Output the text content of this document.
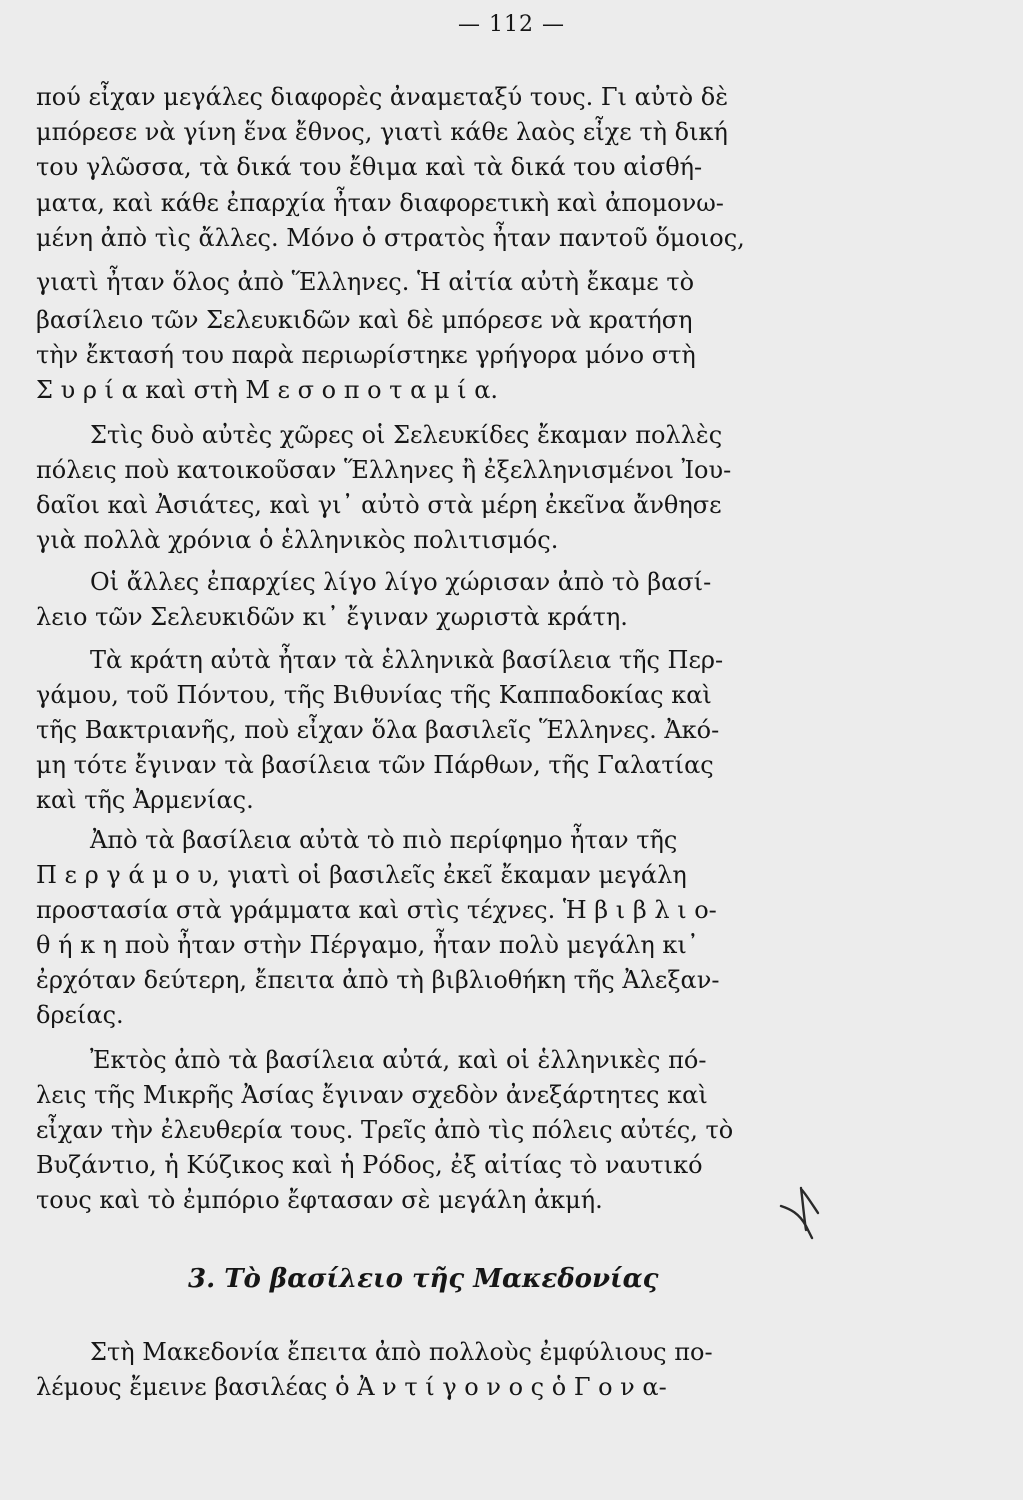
— 112 —
πού εἶχαν μεγάλες διαφορὲς ἀναμεταξύ τους. Γι αὐτὸ δὲ
μπόρεσε νὰ γίνη ἕνα ἔθνος, γιατὶ κάθε λαὸς εἶχε τὴ δική
του γλῶσσα, τὰ δικά του ἔθιμα καὶ τὰ δικά του αἰσθή-
ματα, καὶ κάθε ἐπαρχία ἦταν διαφορετικὴ καὶ ἀπομονω-
μένη ἀπὸ τὶς ἄλλες. Μόνο ὁ στρατὸς ἦταν παντοῦ ὅμοιος,
γιατὶ ἦταν ὅλος ἀπὸ Ἕλληνες. Ἡ αἰτία αὐτὴ ἔκαμε τὸ
βασίλειο τῶν Σελευκιδῶν καὶ δὲ μπόρεσε νὰ κρατήση
τὴν ἔκτασή του παρὰ περιωρίστηκε γρήγορα μόνο στὴ
Σ υ ρ ί α καὶ στὴ Μ ε σ ο π ο τ α μ ί α.
Στὶς δυὸ αὐτὲς χῶρες οἱ Σελευκίδες ἔκαμαν πολλὲς
πόλεις ποὺ κατοικοῦσαν Ἕλληνες ἢ ἐξελληνισμένοι Ἰου-
δαῖοι καὶ Ἀσιάτες, καὶ γι᾿ αὐτὸ στὰ μέρη ἐκεῖνα ἄνθησε
γιὰ πολλὰ χρόνια ὁ ἑλληνικὸς πολιτισμός.
Οἱ ἄλλες ἐπαρχίες λίγο λίγο χώρισαν ἀπὸ τὸ βασί-
λειο τῶν Σελευκιδῶν κι᾿ ἔγιναν χωριστὰ κράτη.
Τὰ κράτη αὐτὰ ἦταν τὰ ἑλληνικὰ βασίλεια τῆς Περ-
γάμου, τοῦ Πόντου, τῆς Βιθυνίας τῆς Καππαδοκίας καὶ
τῆς Βακτριανῆς, ποὺ εἶχαν ὅλα βασιλεῖς Ἕλληνες. Ἀκό-
μη τότε ἔγιναν τὰ βασίλεια τῶν Πάρθων, τῆς Γαλατίας
καὶ τῆς Ἀρμενίας.
Ἀπὸ τὰ βασίλεια αὐτὰ τὸ πιὸ περίφημο ἦταν τῆς
Π ε ρ γ ά μ ο υ, γιατὶ οἱ βασιλεῖς ἐκεῖ ἔκαμαν μεγάλη
προστασία στὰ γράμματα καὶ στὶς τέχνες. Ἡ β ι β λ ι ο-
θ ή κ η ποὺ ἦταν στὴν Πέργαμο, ἦταν πολὺ μεγάλη κι᾿
ἐρχόταν δεύτερη, ἔπειτα ἀπὸ τὴ βιβλιοθήκη τῆς Ἀλεξαν-
δρείας.
Ἐκτὸς ἀπὸ τὰ βασίλεια αὐτά, καὶ οἱ ἑλληνικὲς πό-
λεις τῆς Μικρῆς Ἀσίας ἔγιναν σχεδὸν ἀνεξάρτητες καὶ
εἶχαν τὴν ἐλευθερία τους. Τρεῖς ἀπὸ τὶς πόλεις αὐτές, τὸ
Βυζάντιο, ἡ Κύζικος καὶ ἡ Ρόδος, ἐξ αἰτίας τὸ ναυτικό
τους καὶ τὸ ἐμπόριο ἔφτασαν σὲ μεγάλη ἀκμή.
3. Τὸ βασίλειο τῆς Μακεδονίας
Στὴ Μακεδονία ἔπειτα ἀπὸ πολλοὺς ἐμφύλιους πο-
λέμους ἔμεινε βασιλέας ὁ Ἀ ν τ ί γ ο ν ο ς ὁ Γ ο ν α-
